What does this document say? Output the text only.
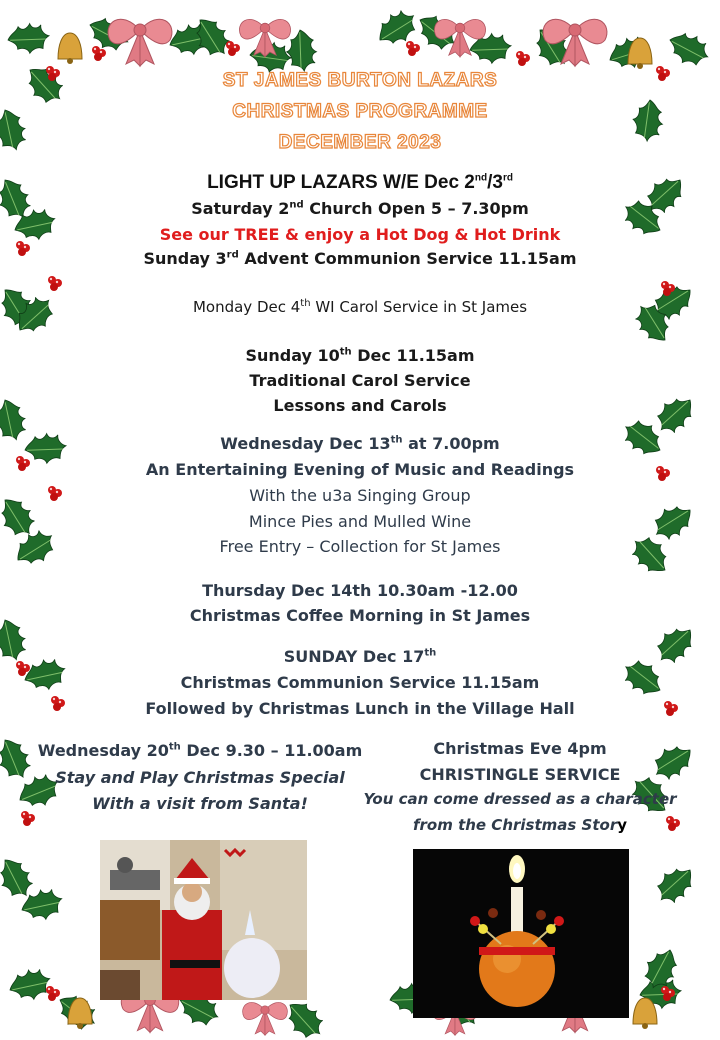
ST JAMES BURTON LAZARS
CHRISTMAS PROGRAMME
DECEMBER 2023
LIGHT UP LAZARS W/E Dec 2nd/3rd
Saturday 2nd Church Open 5 – 7.30pm
See our TREE & enjoy a Hot Dog & Hot Drink
Sunday 3rd Advent Communion Service 11.15am
Monday Dec 4th WI Carol Service in St James
Sunday 10th Dec 11.15am
Traditional Carol Service
Lessons and Carols
Wednesday Dec 13th at 7.00pm
An Entertaining Evening of Music and Readings
With the u3a Singing Group
Mince Pies and Mulled Wine
Free Entry – Collection for St James
Thursday Dec 14th 10.30am -12.00
Christmas Coffee Morning in St James
SUNDAY Dec 17th
Christmas Communion Service 11.15am
Followed by Christmas Lunch in the Village Hall
Wednesday 20th Dec 9.30 – 11.00am
Stay and Play Christmas Special
With a visit from Santa!
Christmas Eve 4pm
CHRISTINGLE SERVICE
You can come dressed as a character
from the Christmas Story
